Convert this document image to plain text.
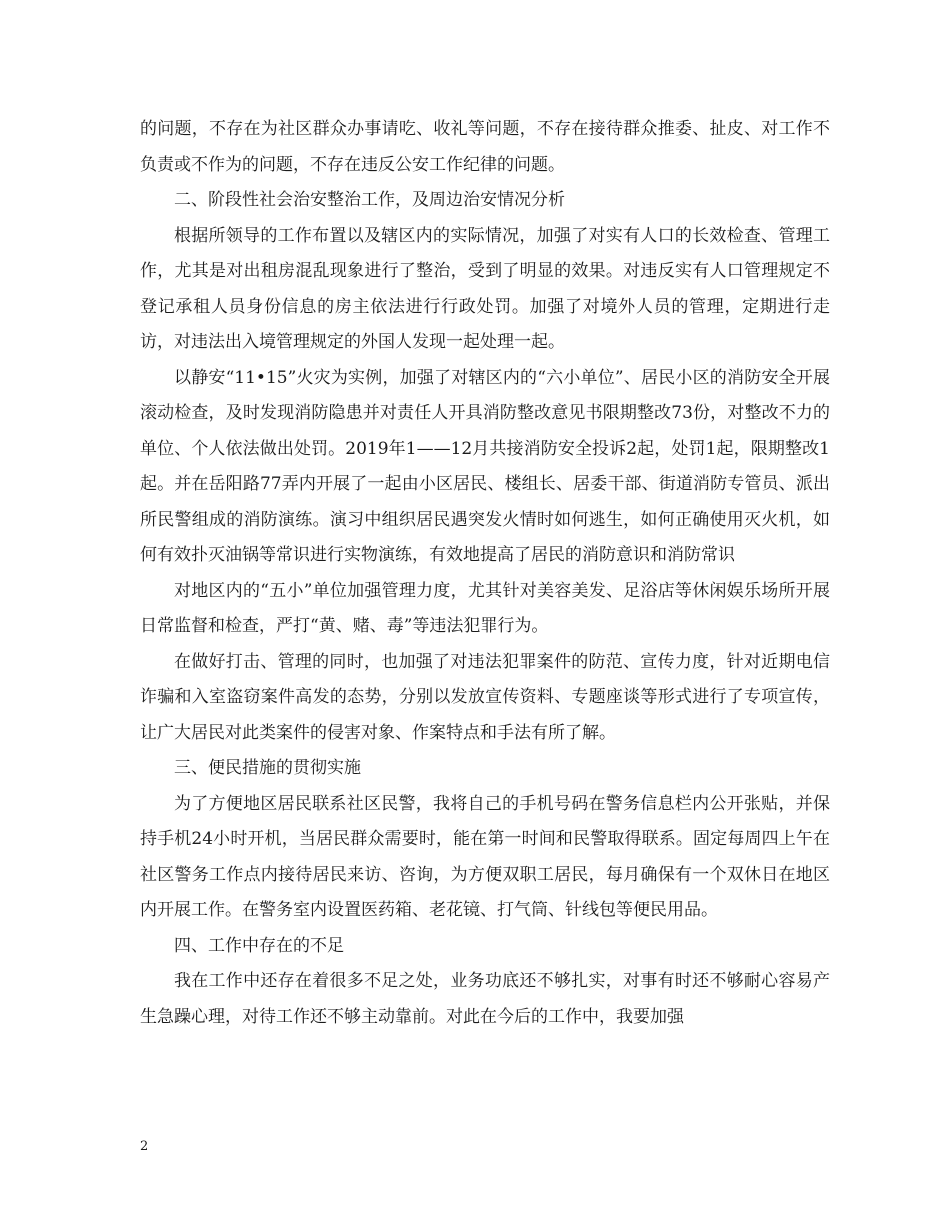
的问题，不存在为社区群众办事请吃、收礼等问题，不存在接待群众推委、扯皮、对工作不负责或不作为的问题，不存在违反公安工作纪律的问题。

二、阶段性社会治安整治工作，及周边治安情况分析

根据所领导的工作布置以及辖区内的实际情况，加强了对实有人口的长效检查、管理工作，尤其是对出租房混乱现象进行了整治，受到了明显的效果。对违反实有人口管理规定不登记承租人员身份信息的房主依法进行行政处罚。加强了对境外人员的管理，定期进行走访，对违法出入境管理规定的外国人发现一起处理一起。

以静安“11•15”火灾为实例，加强了对辖区内的“六小单位”、居民小区的消防安全开展滚动检查，及时发现消防隐患并对责任人开具消防整改意见书限期整改73份，对整改不力的单位、个人依法做出处罚。2019年1——12月共接消防安全投诉2起，处罚1起，限期整改1起。并在岳阳路77弄内开展了一起由小区居民、楼组长、居委干部、街道消防专管员、派出所民警组成的消防演练。演习中组织居民遇突发火情时如何逃生，如何正确使用灭火机，如何有效扑灭油锅等常识进行实物演练，有效地提高了居民的消防意识和消防常识

对地区内的“五小”单位加强管理力度，尤其针对美容美发、足浴店等休闲娱乐场所开展日常监督和检查，严打“黄、赌、毒”等违法犯罪行为。

在做好打击、管理的同时，也加强了对违法犯罪案件的防范、宣传力度，针对近期电信诈骗和入室盗窃案件高发的态势，分别以发放宣传资料、专题座谈等形式进行了专项宣传，让广大居民对此类案件的侵害对象、作案特点和手法有所了解。

三、便民措施的贯彻实施

为了方便地区居民联系社区民警，我将自己的手机号码在警务信息栏内公开张贴，并保持手机24小时开机，当居民群众需要时，能在第一时间和民警取得联系。固定每周四上午在社区警务工作点内接待居民来访、咨询，为方便双职工居民，每月确保有一个双休日在地区内开展工作。在警务室内设置医药箱、老花镜、打气筒、针线包等便民用品。

四、工作中存在的不足

我在工作中还存在着很多不足之处，业务功底还不够扎实，对事有时还不够耐心容易产生急躁心理，对待工作还不够主动靠前。对此在今后的工作中，我要加强

2
